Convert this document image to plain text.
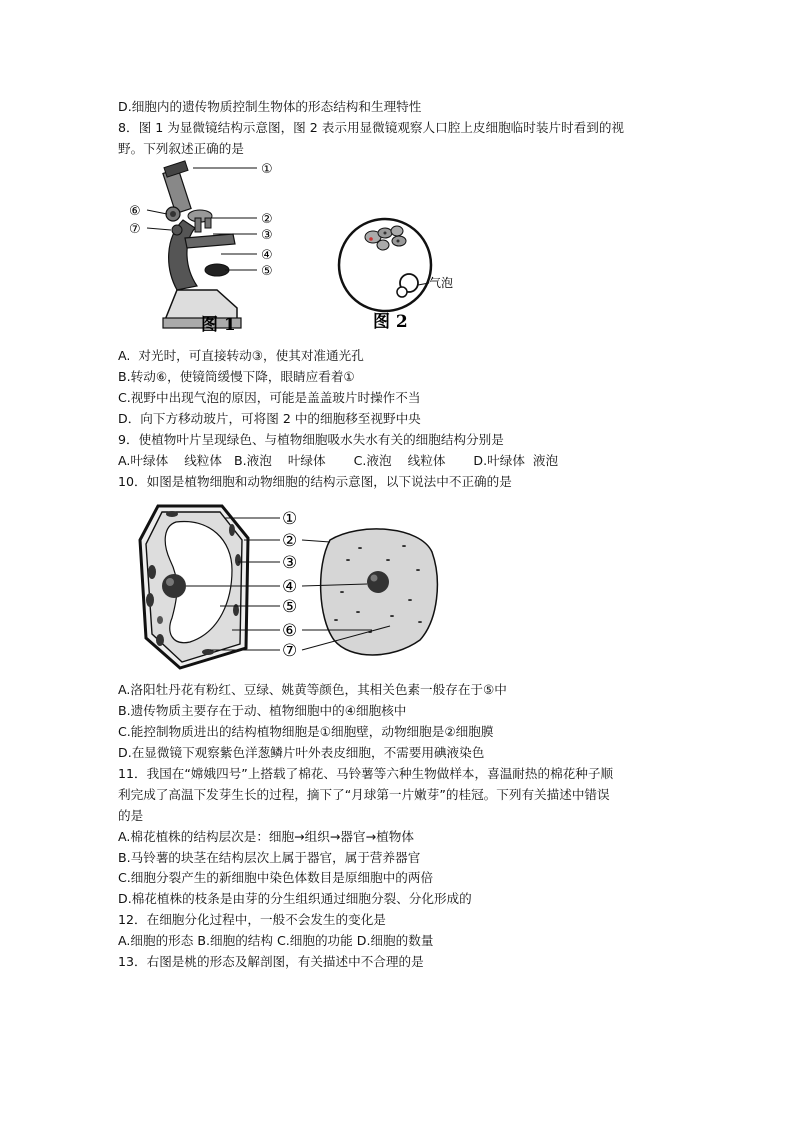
D.细胞内的遗传物质控制生物体的形态结构和生理特性
8．图 1 为显微镜结构示意图，图 2 表示用显微镜观察人口腔上皮细胞临时装片时看到的视
野。下列叙述正确的是
①
②
③
④
⑤
⑥
⑦
图 1
气泡
图 2
A.  对光时，可直接转动③，使其对准通光孔
B.转动⑥，使镜筒缓慢下降，眼睛应看着①
C.视野中出现气泡的原因，可能是盖盖玻片时操作不当
D．向下方移动玻片，可将图 2 中的细胞移至视野中央
9．使植物叶片呈现绿色、与植物细胞吸水失水有关的细胞结构分别是
A.叶绿体    线粒体   B.液泡    叶绿体       C.液泡    线粒体       D.叶绿体  液泡
10．如图是植物细胞和动物细胞的结构示意图，以下说法中不正确的是
①
②
③
④
⑤
⑥
⑦
A.洛阳牡丹花有粉红、豆绿、姚黄等颜色，其相关色素一般存在于⑤中
B.遗传物质主要存在于动、植物细胞中的④细胞核中
C.能控制物质进出的结构植物细胞是①细胞壁，动物细胞是②细胞膜
D.在显微镜下观察紫色洋葱鳞片叶外表皮细胞，不需要用碘液染色
11．我国在“嫦娥四号”上搭载了棉花、马铃薯等六种生物做样本，喜温耐热的棉花种子顺
利完成了高温下发芽生长的过程，摘下了“月球第一片嫩芽”的桂冠。下列有关描述中错误
的是
A.棉花植株的结构层次是：细胞→组织→器官→植物体
B.马铃薯的块茎在结构层次上属于器官，属于营养器官
C.细胞分裂产生的新细胞中染色体数目是原细胞中的两倍
D.棉花植株的枝条是由芽的分生组织通过细胞分裂、分化形成的
12．在细胞分化过程中，一般不会发生的变化是
A.细胞的形态 B.细胞的结构 C.细胞的功能 D.细胞的数量
13．右图是桃的形态及解剖图，有关描述中不合理的是
